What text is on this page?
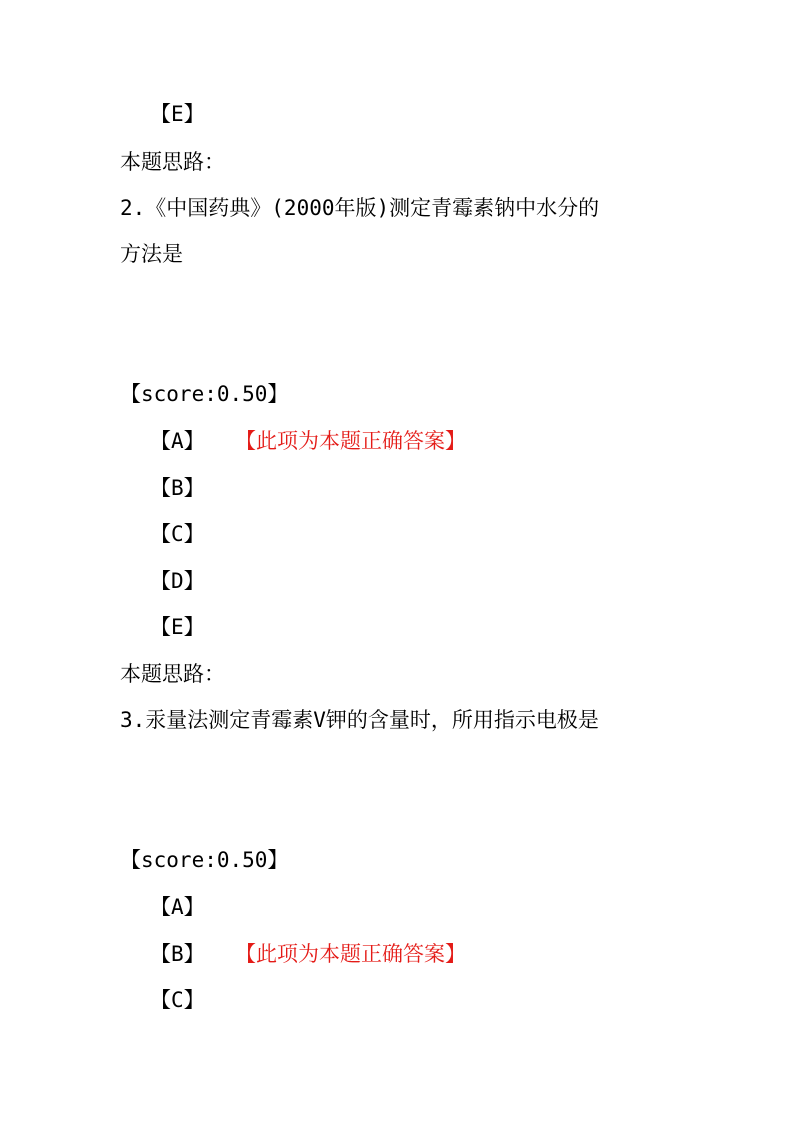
【E】
本题思路：
2.《中国药典》(2000年版)测定青霉素钠中水分的
方法是
【score:0.50】
【A】 【此项为本题正确答案】
【B】
【C】
【D】
【E】
本题思路：
3.汞量法测定青霉素V钾的含量时，所用指示电极是
【score:0.50】
【A】
【B】 【此项为本题正确答案】
【C】
